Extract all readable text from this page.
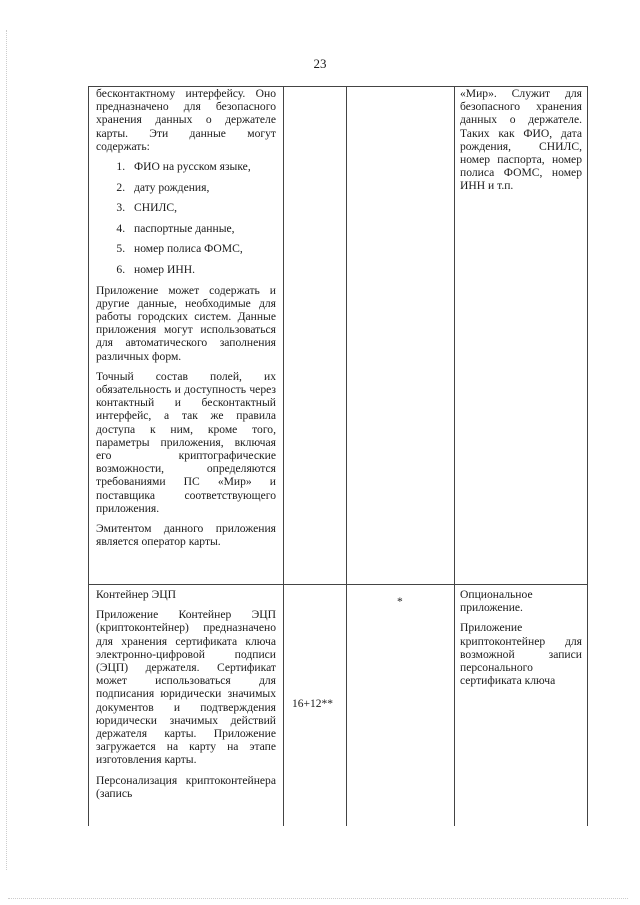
23

бесконтактному интерфейсу. Оно предназначено для безопасного хранения данных о держателе карты. Эти данные могут содержать:

1. ФИО на русском языке,
2. дату рождения,
3. СНИЛС,
4. паспортные данные,
5. номер полиса ФОМС,
6. номер ИНН.

Приложение может содержать и другие данные, необходимые для работы городских систем. Данные приложения могут использоваться для автоматического заполнения различных форм.

Точный состав полей, их обязательность и доступность через контактный и бесконтактный интерфейс, а так же правила доступа к ним, кроме того, параметры приложения, включая его криптографические возможности, определяются требованиями ПС «Мир» и поставщика соответствующего приложения.

Эмитентом данного приложения является оператор карты.

«Мир». Служит для безопасного хранения данных о держателе. Таких как ФИО, дата рождения, СНИЛС, номер паспорта, номер полиса ФОМС, номер ИНН и т.п.

Контейнер ЭЦП

Приложение Контейнер ЭЦП (криптоконтейнер) предназначено для хранения сертификата ключа электронно-цифровой подписи (ЭЦП) держателя. Сертификат может использоваться для подписания юридически значимых документов и подтверждения юридически значимых действий держателя карты. Приложение загружается на карту на этапе изготовления карты.

Персонализация криптоконтейнера (запись

16+12**
*

Опциональное приложение.

Приложение криптоконтейнер для возможной записи персонального сертификата ключа
